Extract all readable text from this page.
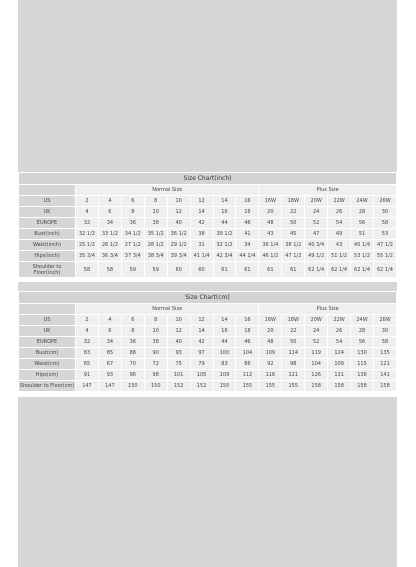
Size Chart(inch)														
	Normal Size								Plus Size					
US	2	4	6	8	10	12	14	16	16W	18W	20W	22W	24W	26W
UK	4	6	8	10	12	14	16	18	20	22	24	26	28	30
EUROPE	32	34	36	38	40	42	44	46	48	50	52	54	56	58
Bust(inch)	32 1/2	33 1/2	34 1/2	35 1/2	36 1/2	38	39 1/2	41	43	45	47	49	51	53
Waist(inch)	25 1/2	26 1/2	27 1/2	28 1/2	29 1/2	31	32 1/2	34	36 1/4	38 1/2	40 3/4	43	45 1/4	47 1/2
Hips(inch)	35 3/4	36 3/4	37 3/4	38 3/4	39 3/4	41 1/4	42 3/4	44 1/4	46 1/2	47 1/2	49 1/2	51 1/2	53 1/2	55 1/2
Shoulder to Floor(inch)	58	58	59	59	60	60	61	61	61	61	62 1/4	62 1/4	62 1/4	62 1/4
Size Chart(cm)														
	Normal Size								Plus Size					
US	2	4	6	8	10	12	14	16	16W	18W	20W	22W	24W	26W
UK	4	6	8	10	12	14	16	18	20	22	24	26	28	30
EUROPE	32	34	36	38	40	42	44	46	48	50	52	54	56	58
Bust(cm)	83	85	88	90	93	97	100	104	109	114	119	124	130	135
Waist(cm)	65	67	70	72	75	79	83	86	92	98	104	109	115	121
Hips(cm)	91	93	96	98	101	105	109	112	116	121	126	131	136	141
Shoulder to Floor(cm)	147	147	150	150	152	152	155	155	155	155	158	158	158	158
